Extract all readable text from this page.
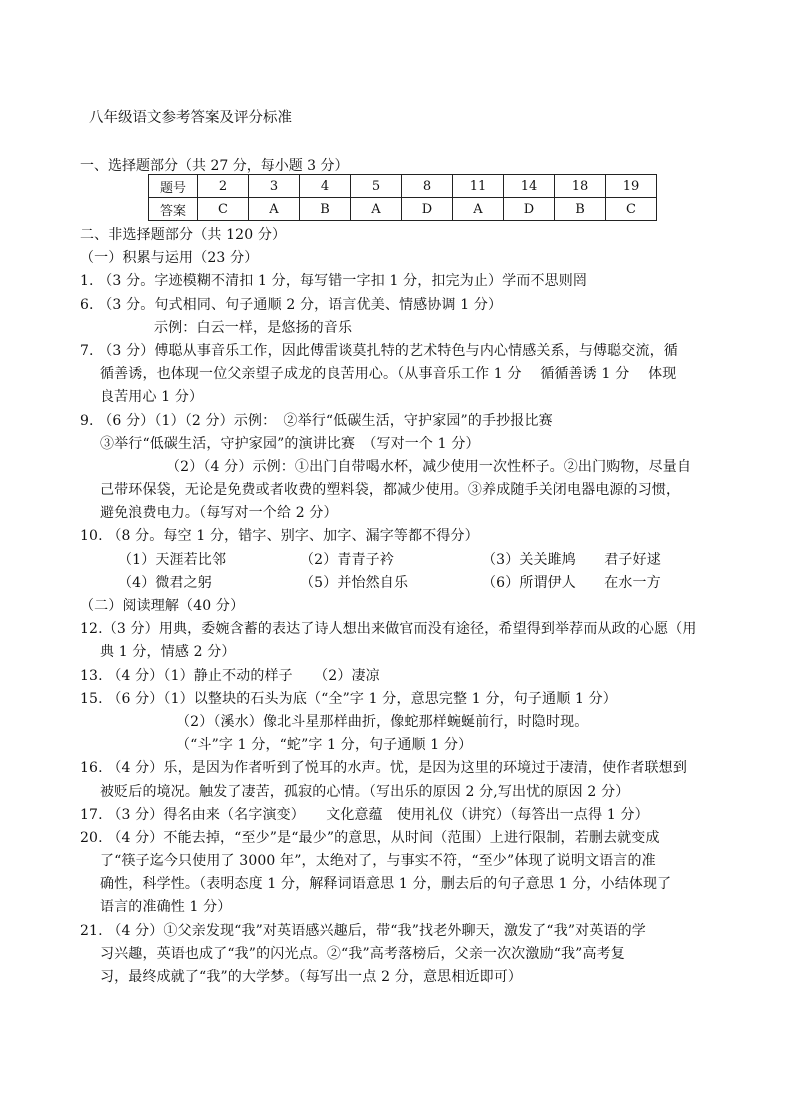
八年级语文参考答案及评分标准
一、选择题部分（共 27 分，每小题 3 分）
题号	2	3	4	5	8	11	14	18	19
答案	C	A	B	A	D	A	D	B	C
二、非选择题部分（共 120 分）
（一）积累与运用（23 分）
1. （3 分。字迹模糊不清扣 1 分，每写错一字扣 1 分，扣完为止）学而不思则罔
6. （3 分。句式相同、句子通顺 2 分，语言优美、情感协调 1 分）
示例：白云一样，是悠扬的音乐
7. （3 分）傅聪从事音乐工作，因此傅雷谈莫扎特的艺术特色与内心情感关系，与傅聪交流，循
循善诱，也体现一位父亲望子成龙的良苦用心。（从事音乐工作 1 分　 循循善诱 1 分　 体现
良苦用心 1 分）
9. （6 分）（1）（2 分）示例：　②举行“低碳生活，守护家园”的手抄报比赛
③举行“低碳生活，守护家园”的演讲比赛　（写对一个 1 分）
（2）（4 分）示例：①出门自带喝水杯，减少使用一次性杯子。②出门购物，尽量自
己带环保袋，无论是免费或者收费的塑料袋，都减少使用。③养成随手关闭电器电源的习惯，
避免浪费电力。（每写对一个给 2 分）
10. （8 分。每空 1 分，错字、别字、加字、漏字等都不得分）
（1）天涯若比邻	（2）青青子衿	（3）关关雎鸠　　君子好逑
（4）微君之躬	（5）并怡然自乐	（6）所谓伊人　　在水一方
（二）阅读理解（40 分）
12.（3 分）用典，委婉含蓄的表达了诗人想出来做官而没有途径，希望得到举荐而从政的心愿（用
典 1 分，情感 2 分）
13. （4 分）（1）静止不动的样子　　（2）凄凉
15. （6 分）（1）以整块的石头为底（“全”字 1 分，意思完整 1 分，句子通顺 1 分）
（2）（溪水）像北斗星那样曲折，像蛇那样蜿蜒前行，时隐时现。
（“斗”字 1 分，“蛇”字 1 分，句子通顺 1 分）
16. （4 分）乐，是因为作者听到了悦耳的水声。忧，是因为这里的环境过于凄清，使作者联想到
被贬后的境况。触发了凄苦，孤寂的心情。（写出乐的原因 2 分,写出忧的原因 2 分）
17. （3 分）得名由来（名字演变）　　文化意蕴　使用礼仪（讲究）（每答出一点得 1 分）
20. （4 分）不能去掉，“至少”是“最少”的意思，从时间（范围）上进行限制，若删去就变成
了“筷子迄今只使用了 3000 年”，太绝对了，与事实不符，“至少”体现了说明文语言的准
确性，科学性。（表明态度 1 分，解释词语意思 1 分，删去后的句子意思 1 分，小结体现了
语言的准确性 1 分）
21. （4 分）①父亲发现“我”对英语感兴趣后，带“我”找老外聊天，激发了“我”对英语的学
习兴趣，英语也成了“我”的闪光点。②“我”高考落榜后，父亲一次次激励“我”高考复
习，最终成就了“我”的大学梦。（每写出一点 2 分，意思相近即可）
